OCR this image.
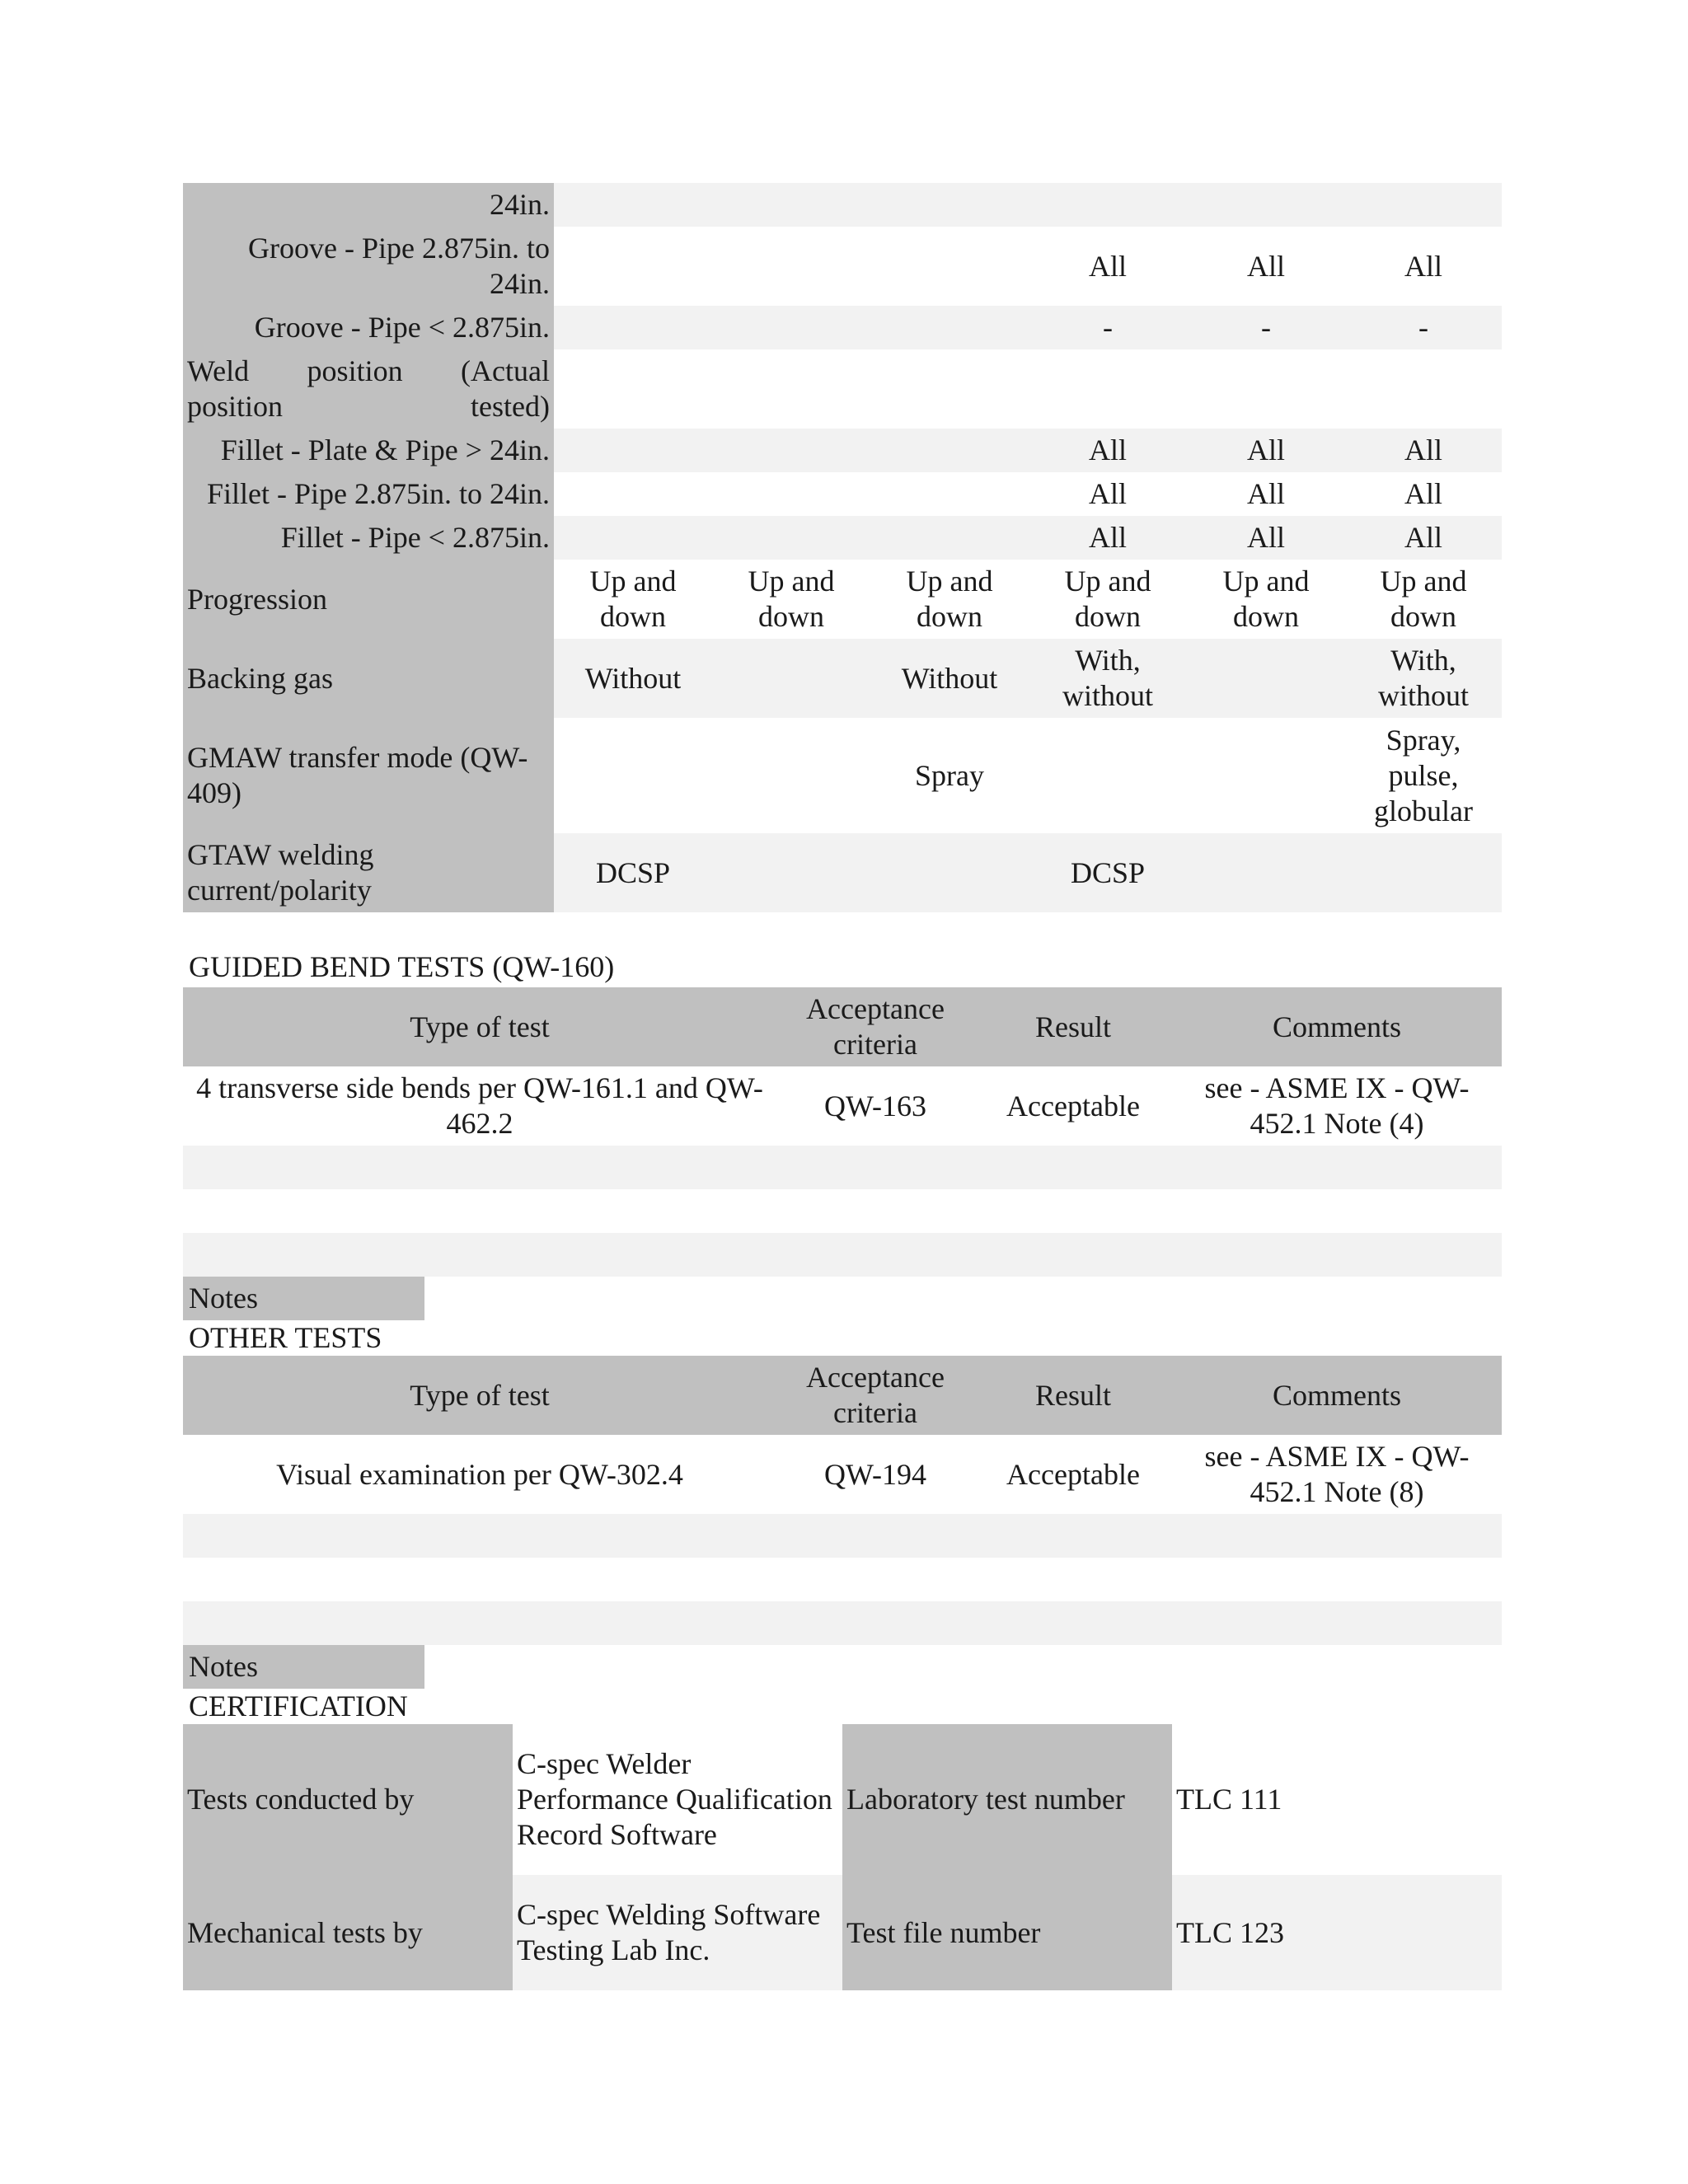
24in.							
Groove - Pipe 2.875in. to 24in.				All	All	All	
Groove - Pipe < 2.875in.				-	-	-	
Weld position (Actual position tested)							
Fillet - Plate & Pipe > 24in.				All	All	All	
Fillet - Pipe 2.875in. to 24in.				All	All	All	
Fillet - Pipe < 2.875in.				All	All	All	
Progression	Up and down	Up and down	Up and down	Up and down	Up and down	Up and down	
Backing gas	Without		Without	With, without		With, without	
GMAW transfer mode (QW-409)			Spray			Spray, pulse, globular	
GTAW welding current/polarity	DCSP			DCSP			
GUIDED BEND TESTS (QW-160)
Type of test	Acceptance criteria	Result	Comments
4 transverse side bends per QW-161.1 and QW-462.2	QW-163	Acceptable	see - ASME IX - QW-452.1 Note (4)

Notes
OTHER TESTS
Type of test	Acceptance criteria	Result	Comments
Visual examination per QW-302.4	QW-194	Acceptable	see - ASME IX - QW-452.1 Note (8)

Notes
CERTIFICATION
Tests conducted by	C-spec Welder Performance Qualification Record Software	Laboratory test number	TLC 111
Mechanical tests by	C-spec Welding Software Testing Lab Inc.	Test file number	TLC 123
